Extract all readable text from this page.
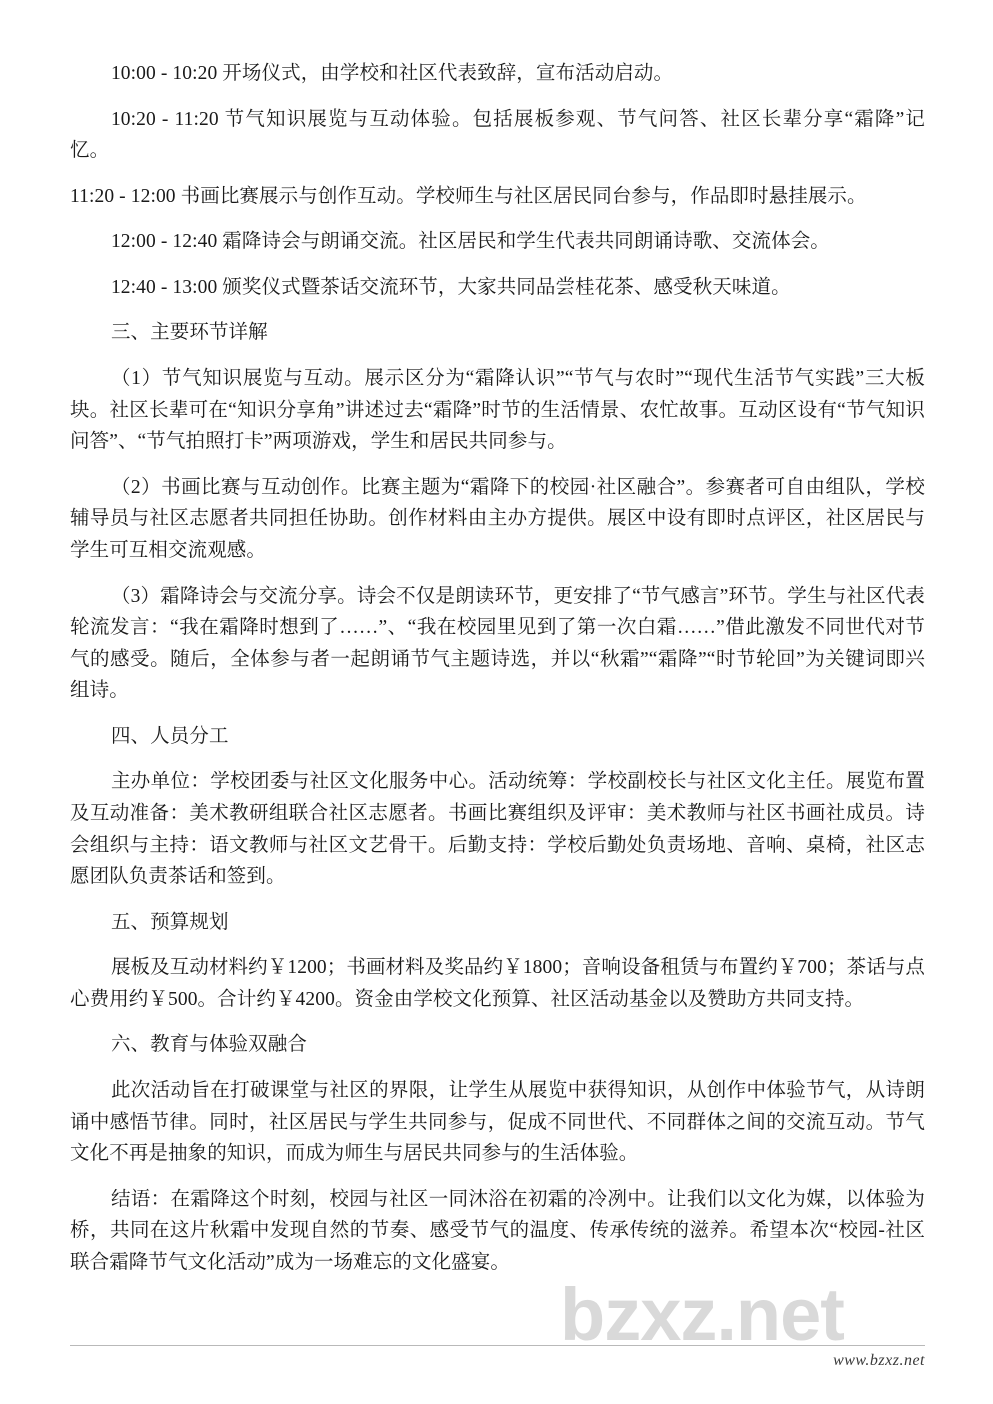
10:00 - 10:20 开场仪式，由学校和社区代表致辞，宣布活动启动。

10:20 - 11:20 节气知识展览与互动体验。包括展板参观、节气问答、社区长辈分享“霜降”记忆。

11:20 - 12:00 书画比赛展示与创作互动。学校师生与社区居民同台参与，作品即时悬挂展示。

12:00 - 12:40 霜降诗会与朗诵交流。社区居民和学生代表共同朗诵诗歌、交流体会。

12:40 - 13:00 颁奖仪式暨茶话交流环节，大家共同品尝桂花茶、感受秋天味道。

三、主要环节详解

（1）节气知识展览与互动。展示区分为“霜降认识”“节气与农时”“现代生活节气实践”三大板块。社区长辈可在“知识分享角”讲述过去“霜降”时节的生活情景、农忙故事。互动区设有“节气知识问答”、“节气拍照打卡”两项游戏，学生和居民共同参与。

（2）书画比赛与互动创作。比赛主题为“霜降下的校园·社区融合”。参赛者可自由组队，学校辅导员与社区志愿者共同担任协助。创作材料由主办方提供。展区中设有即时点评区，社区居民与学生可互相交流观感。

（3）霜降诗会与交流分享。诗会不仅是朗读环节，更安排了“节气感言”环节。学生与社区代表轮流发言：“我在霜降时想到了……”、“我在校园里见到了第一次白霜……”借此激发不同世代对节气的感受。随后，全体参与者一起朗诵节气主题诗选，并以“秋霜”“霜降”“时节轮回”为关键词即兴组诗。

四、人员分工

主办单位：学校团委与社区文化服务中心。活动统筹：学校副校长与社区文化主任。展览布置及互动准备：美术教研组联合社区志愿者。书画比赛组织及评审：美术教师与社区书画社成员。诗会组织与主持：语文教师与社区文艺骨干。后勤支持：学校后勤处负责场地、音响、桌椅，社区志愿团队负责茶话和签到。

五、预算规划

展板及互动材料约￥1200；书画材料及奖品约￥1800；音响设备租赁与布置约￥700；茶话与点心费用约￥500。合计约￥4200。资金由学校文化预算、社区活动基金以及赞助方共同支持。

六、教育与体验双融合

此次活动旨在打破课堂与社区的界限，让学生从展览中获得知识，从创作中体验节气，从诗朗诵中感悟节律。同时，社区居民与学生共同参与，促成不同世代、不同群体之间的交流互动。节气文化不再是抽象的知识，而成为师生与居民共同参与的生活体验。

结语：在霜降这个时刻，校园与社区一同沐浴在初霜的冷冽中。让我们以文化为媒，以体验为桥，共同在这片秋霜中发现自然的节奏、感受节气的温度、传承传统的滋养。希望本次“校园-社区联合霜降节气文化活动”成为一场难忘的文化盛宴。

bzxz.net
www.bzxz.net
